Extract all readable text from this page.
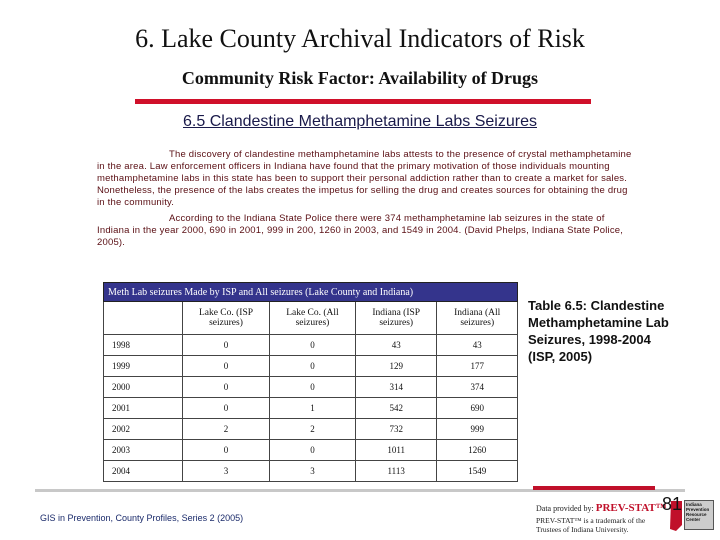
6. Lake County Archival Indicators of Risk
Community Risk Factor: Availability of Drugs
6.5 Clandestine Methamphetamine Labs Seizures
The discovery of clandestine methamphetamine labs attests to the presence of crystal methamphetamine in the area. Law enforcement officers in Indiana have found that the primary motivation of those individuals mounting methamphetamine labs in this state has been to support their personal addiction rather than to create a market for sales. Nonetheless, the presence of the labs creates the impetus for selling the drug and creates sources for obtaining the drug in the community.
According to the Indiana State Police there were 374 methamphetamine lab seizures in the state of Indiana in the year 2000, 690 in 2001, 999 in 200, 1260 in 2003, and 1549 in 2004. (David Phelps, Indiana State Police, 2005).
Meth Lab seizures Made by ISP and All seizures (Lake County and Indiana)				
	Lake Co. (ISP seizures)	Lake Co. (All seizures)	Indiana (ISP seizures)	Indiana (All seizures)
1998	0	0	43	43
1999	0	0	129	177
2000	0	0	314	374
2001	0	1	542	690
2002	2	2	732	999
2003	0	0	1011	1260
2004	3	3	1113	1549
Table 6.5: Clandestine Methamphetamine Lab Seizures, 1998-2004 (ISP, 2005)
GIS in Prevention, County Profiles, Series 2 (2005)
Data provided by: PREV-STAT™
PREV-STAT™ is a trademark of the Trustees of Indiana University.
81 Indiana Prevention Resource Center
